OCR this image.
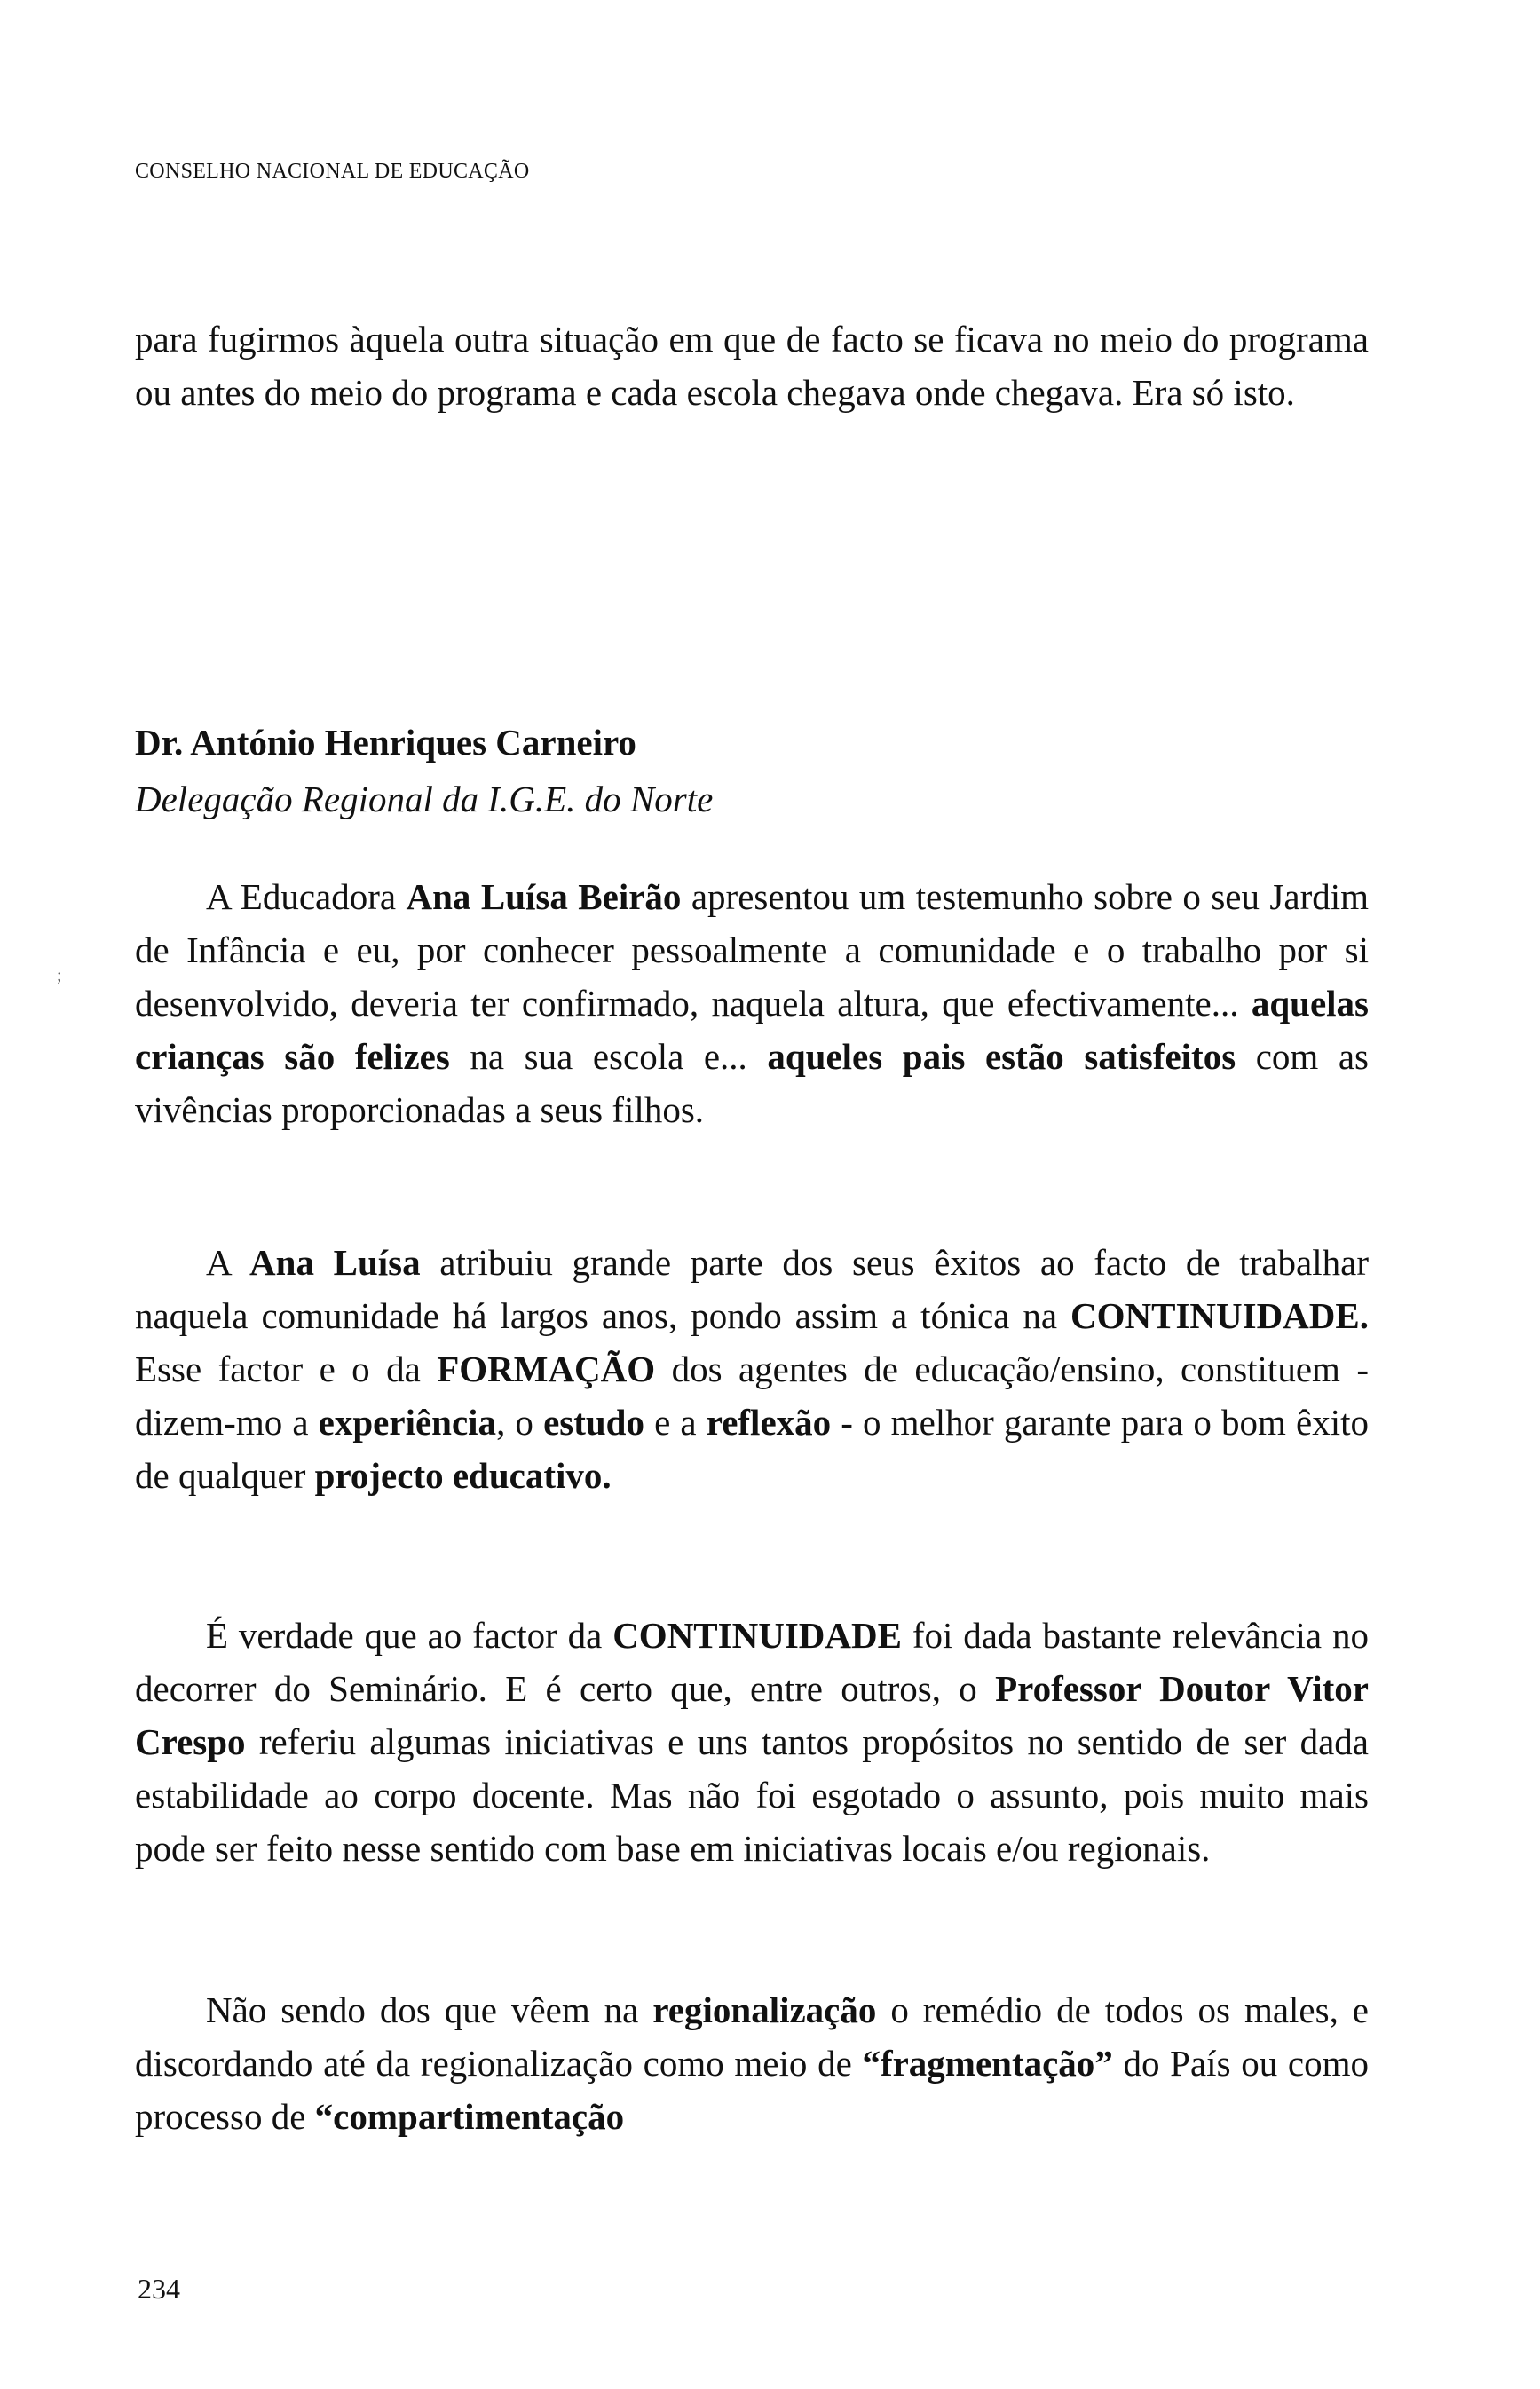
CONSELHO NACIONAL DE EDUCAÇÃO

para fugirmos àquela outra situação em que de facto se ficava no meio do programa ou antes do meio do programa e cada escola chegava onde chegava. Era só isto.

Dr. António Henriques Carneiro
Delegação Regional da I.G.E. do Norte
;

A Educadora Ana Luísa Beirão apresentou um testemunho sobre o seu Jardim de Infância e eu, por conhecer pessoalmente a comunidade e o trabalho por si desenvolvido, deveria ter confirmado, naquela altura, que efectivamente... aquelas crianças são felizes na sua escola e... aqueles pais estão satisfeitos com as vivências proporcionadas a seus filhos.

A Ana Luísa atribuiu grande parte dos seus êxitos ao facto de trabalhar naquela comunidade há largos anos, pondo assim a tónica na CONTINUIDADE. Esse factor e o da FORMAÇÃO dos agentes de educação/ensino, constituem - dizem-mo a experiência, o estudo e a reflexão - o melhor garante para o bom êxito de qualquer projecto educativo.

É verdade que ao factor da CONTINUIDADE foi dada bastante relevância no decorrer do Seminário. E é certo que, entre outros, o Professor Doutor Vitor Crespo referiu algumas iniciativas e uns tantos propósitos no sentido de ser dada estabilidade ao corpo docente. Mas não foi esgotado o assunto, pois muito mais pode ser feito nesse sentido com base em iniciativas locais e/ou regionais.

Não sendo dos que vêem na regionalização o remédio de todos os males, e discordando até da regionalização como meio de “fragmentação” do País ou como processo de “compartimentação

234
